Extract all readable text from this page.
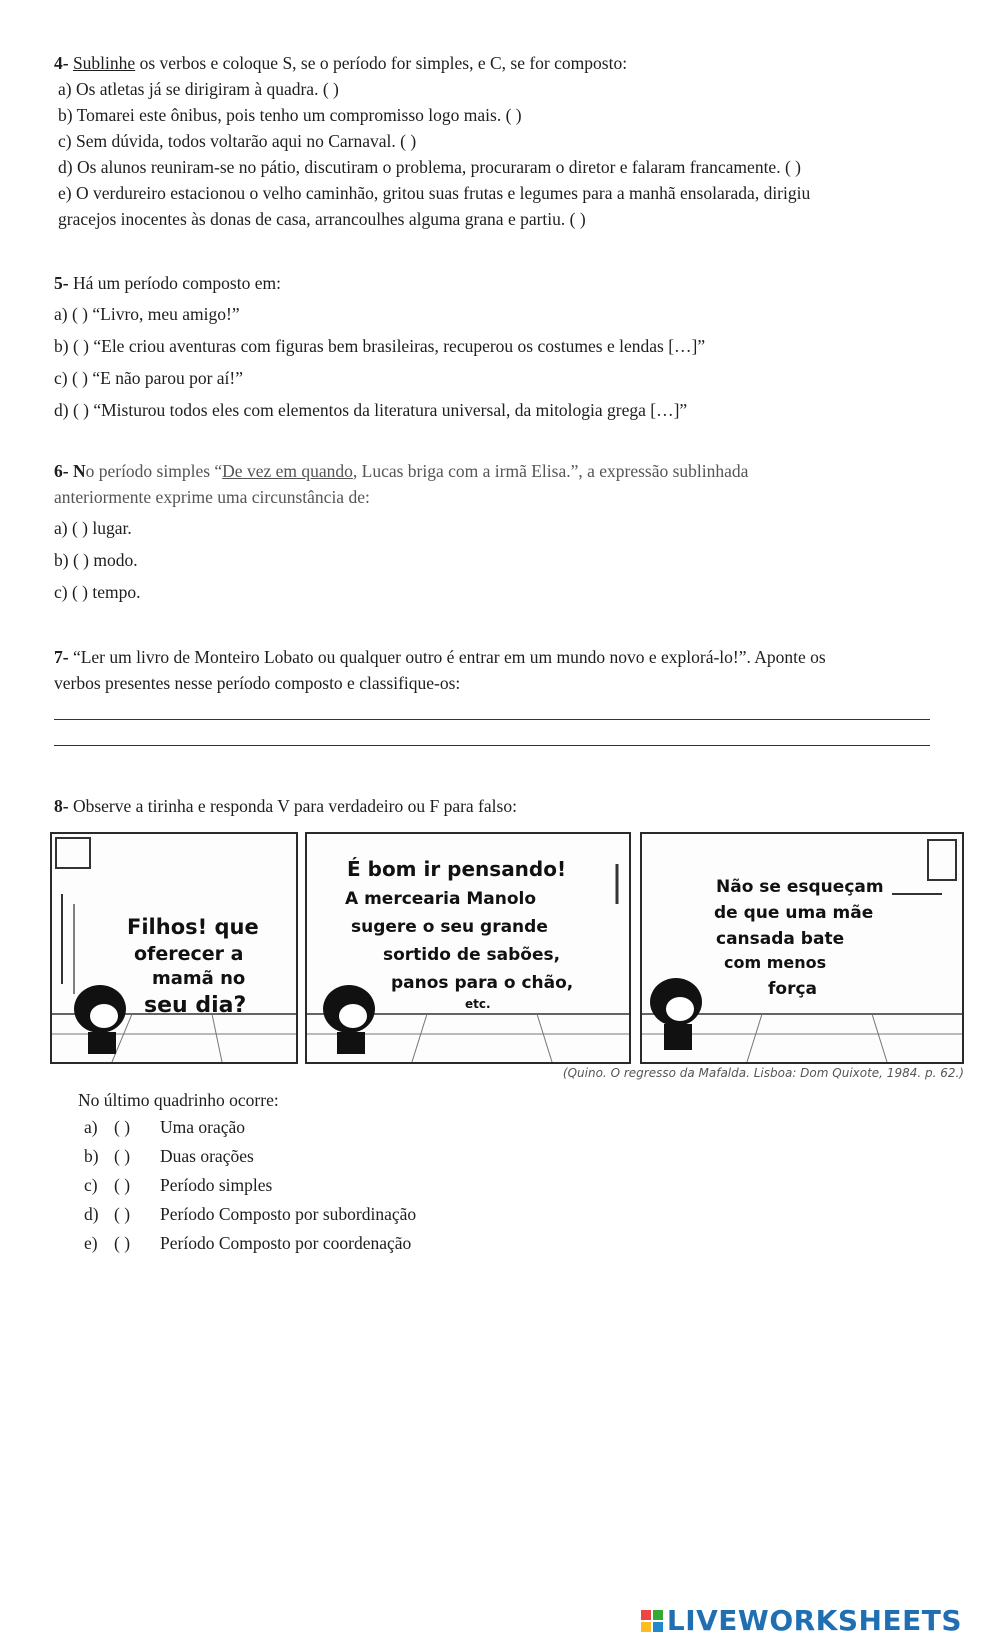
4- Sublinhe os verbos e coloque S, se o período for simples, e C, se for composto:
a) Os atletas já se dirigiram à quadra. ( )
b) Tomarei este ônibus, pois tenho um compromisso logo mais. ( )
c) Sem dúvida, todos voltarão aqui no Carnaval. ( )
d) Os alunos reuniram-se no pátio, discutiram o problema, procuraram o diretor e falaram francamente. ( )
e) O verdureiro estacionou o velho caminhão, gritou suas frutas e legumes para a manhã ensolarada, dirigiu
gracejos inocentes às donas de casa, arrancoulhes alguma grana e partiu. ( )
5- Há um período composto em:
a) ( ) “Livro, meu amigo!”
b) ( ) “Ele criou aventuras com figuras bem brasileiras, recuperou os costumes e lendas […]”
c) ( ) “E não parou por aí!”
d) ( ) “Misturou todos eles com elementos da literatura universal, da mitologia grega […]”
6- No período simples “De vez em quando, Lucas briga com a irmã Elisa.”, a expressão sublinhada
anteriormente exprime uma circunstância de:
a) ( ) lugar.
b) ( ) modo.
c) ( ) tempo.
7- “Ler um livro de Monteiro Lobato ou qualquer outro é entrar em um mundo novo e explorá-lo!”. Aponte os
verbos presentes nesse período composto e classifique-os:
8- Observe a tirinha e responda V para verdadeiro ou F para falso:
Filhos! que
oferecer a
mamã no
seu dia?
É bom ir pensando!
A mercearia Manolo
sugere o seu grande
sortido de sabões,
panos para o chão,
etc.
Não se esqueçam
de que uma mãe
cansada bate
com menos
força
(Quino. O regresso da Mafalda. Lisboa: Dom Quixote, 1984. p. 62.)
No último quadrinho ocorre:
a) ( ) Uma oração
b) ( ) Duas orações
c) ( ) Período simples
d) ( ) Período Composto por subordinação
e) ( ) Período Composto por coordenação
LIVEWORKSHEETS
